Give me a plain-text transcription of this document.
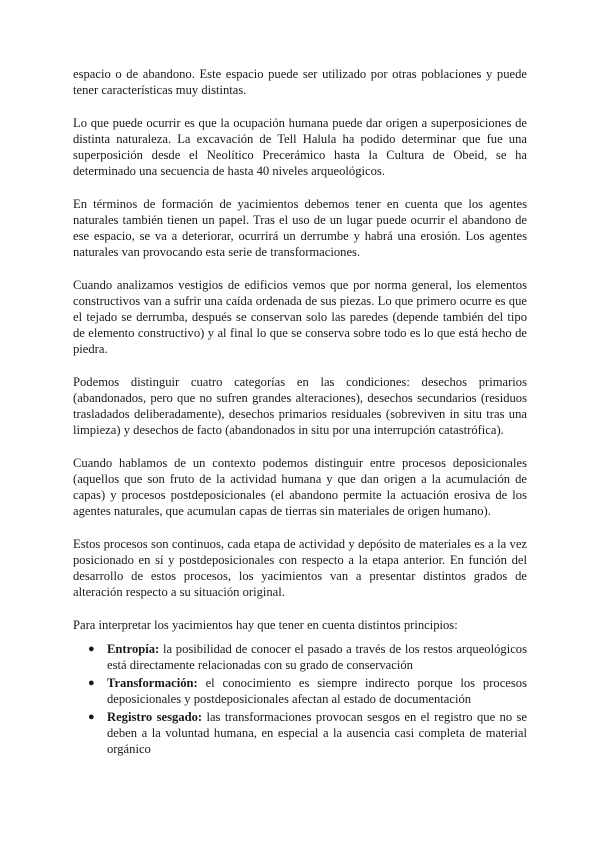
espacio o de abandono. Este espacio puede ser utilizado por otras poblaciones y puede tener características muy distintas.

Lo que puede ocurrir es que la ocupación humana puede dar origen a superposiciones de distinta naturaleza. La excavación de Tell Halula ha podido determinar que fue una superposición desde el Neolítico Precerámico hasta la Cultura de Obeid, se ha determinado una secuencia de hasta 40 niveles arqueológicos.

En términos de formación de yacimientos debemos tener en cuenta que los agentes naturales también tienen un papel. Tras el uso de un lugar puede ocurrir el abandono de ese espacio, se va a deteriorar, ocurrirá un derrumbe y habrá una erosión. Los agentes naturales van provocando esta serie de transformaciones.

Cuando analizamos vestigios de edificios vemos que por norma general, los elementos constructivos van a sufrir una caída ordenada de sus piezas. Lo que primero ocurre es que el tejado se derrumba, después se conservan solo las paredes (depende también del tipo de elemento constructivo) y al final lo que se conserva sobre todo es lo que está hecho de piedra.

Podemos distinguir cuatro categorías en las condiciones: desechos primarios (abandonados, pero que no sufren grandes alteraciones), desechos secundarios (residuos trasladados deliberadamente), desechos primarios residuales (sobreviven in situ tras una limpieza) y desechos de facto (abandonados in situ por una interrupción catastrófica).

Cuando hablamos de un contexto podemos distinguir entre procesos deposicionales (aquellos que son fruto de la actividad humana y que dan origen a la acumulación de capas) y procesos postdeposicionales (el abandono permite la actuación erosiva de los agentes naturales, que acumulan capas de tierras sin materiales de origen humano).

Estos procesos son continuos, cada etapa de actividad y depósito de materiales es a la vez posicionado en sí y postdeposicionales con respecto a la etapa anterior. En función del desarrollo de estos procesos, los yacimientos van a presentar distintos grados de alteración respecto a su situación original.

Para interpretar los yacimientos hay que tener en cuenta distintos principios:

● Entropía: la posibilidad de conocer el pasado a través de los restos arqueológicos está directamente relacionadas con su grado de conservación
● Transformación: el conocimiento es siempre indirecto porque los procesos deposicionales y postdeposicionales afectan al estado de documentación
● Registro sesgado: las transformaciones provocan sesgos en el registro que no se deben a la voluntad humana, en especial a la ausencia casi completa de material orgánico
